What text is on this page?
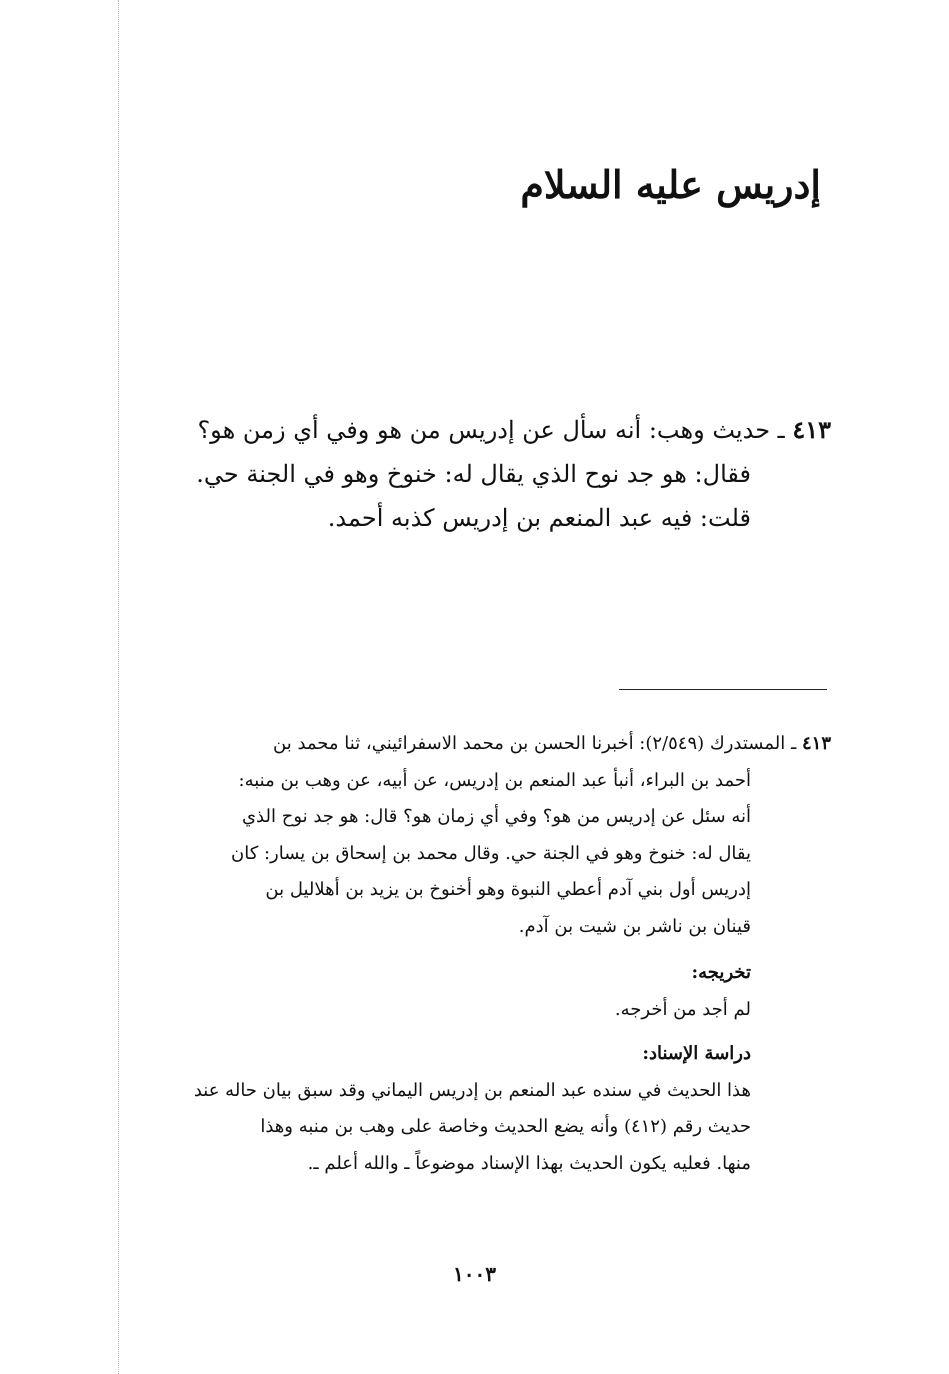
إدريس عليه السلام
٤١٣ ـ حديث وهب: أنه سأل عن إدريس من هو وفي أي زمن هو؟
فقال: هو جد نوح الذي يقال له: خنوخ وهو في الجنة حي.
قلت: فيه عبد المنعم بن إدريس كذبه أحمد.
٤١٣ ـ المستدرك (٢/٥٤٩): أخبرنا الحسن بن محمد الاسفرائيني، ثنا محمد بن
أحمد بن البراء، أنبأ عبد المنعم بن إدريس، عن أبيه، عن وهب بن منبه:
أنه سئل عن إدريس من هو؟ وفي أي زمان هو؟ قال: هو جد نوح الذي
يقال له: خنوخ وهو في الجنة حي. وقال محمد بن إسحاق بن يسار: كان
إدريس أول بني آدم أعطي النبوة وهو أخنوخ بن يزيد بن أهلاليل بن
قينان بن ناشر بن شيت بن آدم.
تخريجه:
لم أجد من أخرجه.
دراسة الإسناد:
هذا الحديث في سنده عبد المنعم بن إدريس اليماني وقد سبق بيان حاله عند
حديث رقم (٤١٢) وأنه يضع الحديث وخاصة على وهب بن منبه وهذا
منها. فعليه يكون الحديث بهذا الإسناد موضوعاً ـ والله أعلم ـ.
١٠٠٣
